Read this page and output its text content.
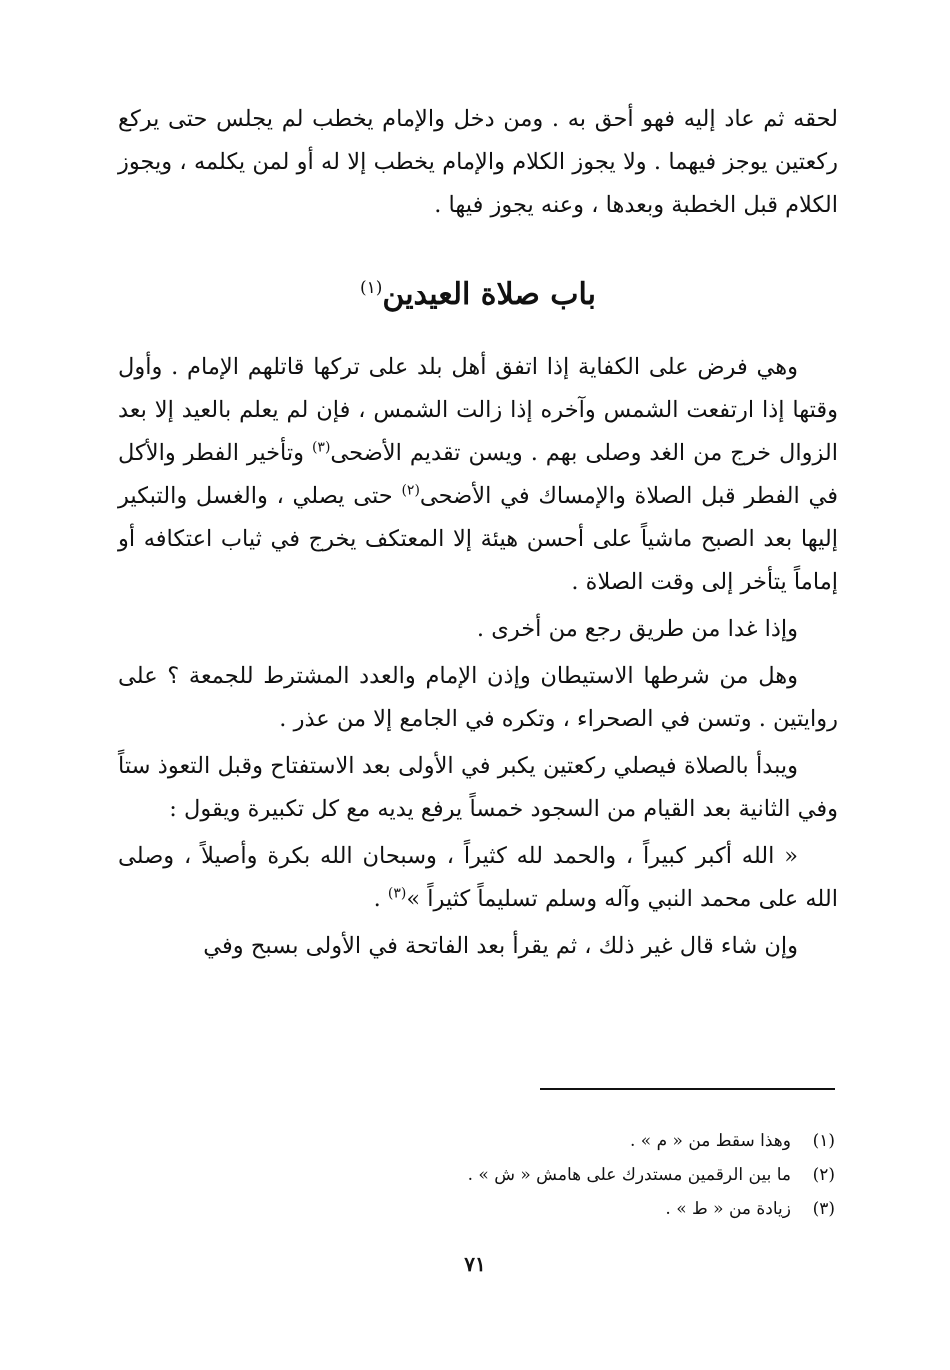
لحقه ثم عاد إليه فهو أحق به . ومن دخل والإمام يخطب لم يجلس حتى يركع ركعتين يوجز فيهما . ولا يجوز الكلام والإمام يخطب إلا له أو لمن يكلمه ، ويجوز الكلام قبل الخطبة وبعدها ، وعنه يجوز فيها .

باب صلاة العيدين$^{(١)}$

وهي فرض على الكفاية إذا اتفق أهل بلد على تركها قاتلهم الإمام . وأول وقتها إذا ارتفعت الشمس وآخره إذا زالت الشمس ، فإن لم يعلم بالعيد إلا بعد الزوال خرج من الغد وصلى بهم . ويسن تقديم الأضحى$^{(٣)}$ وتأخير الفطر والأكل في الفطر قبل الصلاة والإمساك في الأضحى$^{(٢)}$ حتى يصلي ، والغسل والتبكير إليها بعد الصبح ماشياً على أحسن هيئة إلا المعتكف يخرج في ثياب اعتكافه أو إماماً يتأخر إلى وقت الصلاة .

وإذا غدا من طريق رجع من أخرى .

وهل من شرطها الاستيطان وإذن الإمام والعدد المشترط للجمعة ؟ على روايتين . وتسن في الصحراء ، وتكره في الجامع إلا من عذر .

ويبدأ بالصلاة فيصلي ركعتين يكبر في الأولى بعد الاستفتاح وقبل التعوذ ستاً وفي الثانية بعد القيام من السجود خمساً يرفع يديه مع كل تكبيرة ويقول :

« الله أكبر كبيراً ، والحمد لله كثيراً ، وسبحان الله بكرة وأصيلاً ، وصلى الله على محمد النبي وآله وسلم تسليماً كثيراً »$^{(٣)}$ .

وإن شاء قال غير ذلك ، ثم يقرأ بعد الفاتحة في الأولى بسبح وفي

(١)وهذا سقط من « م » .

(٢)ما بين الرقمين مستدرك على هامش « ش » .

(٣)زيادة من « ط » .

٧١
